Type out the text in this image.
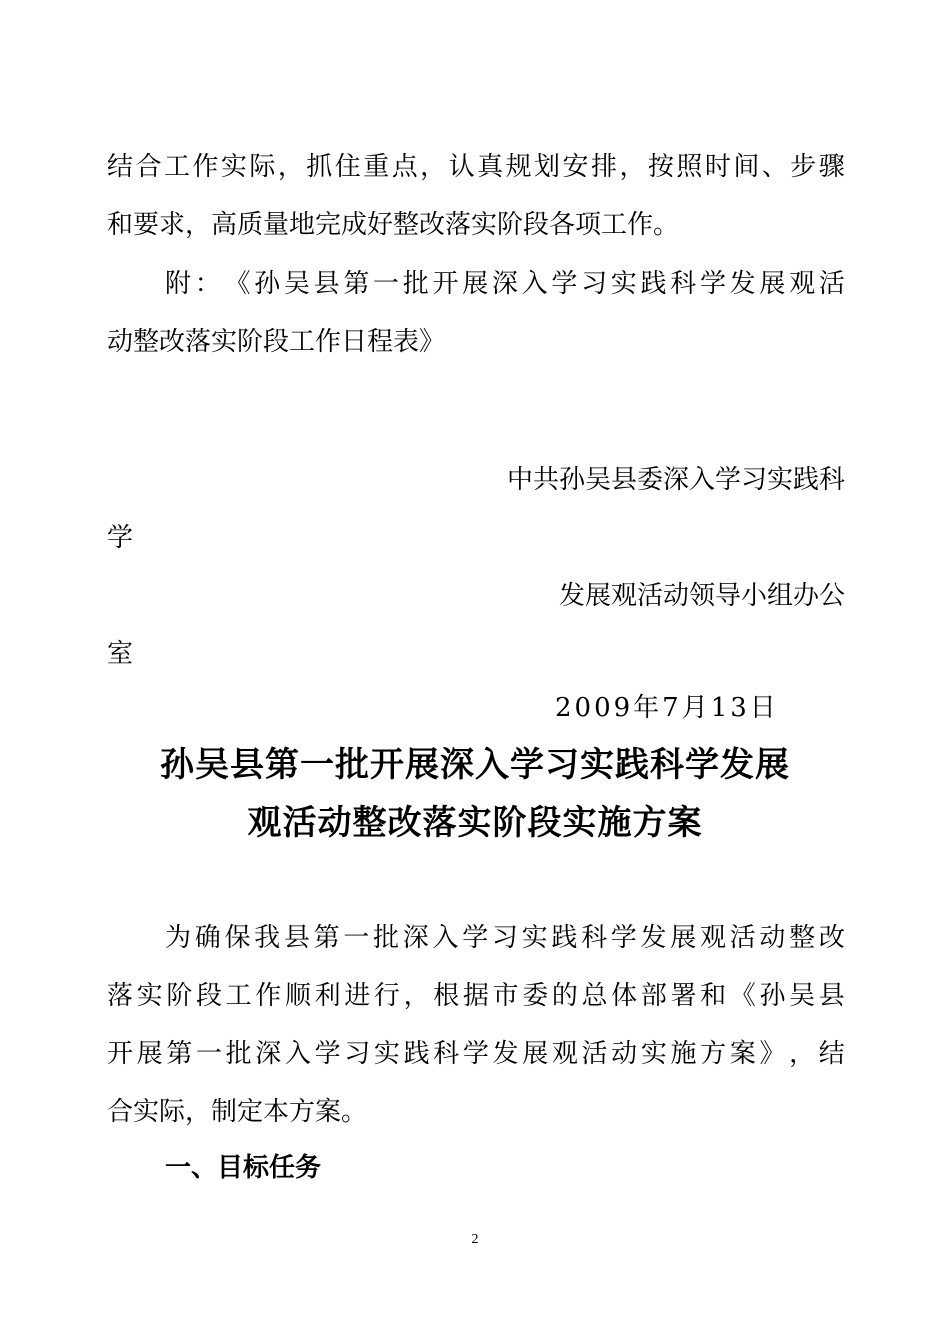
结 合 工 作 实 际 ， 抓 住 重 点 ， 认 真 规 划 安 排 ， 按 照 时 间 、 步 骤
和要求，高质量地完成好整改落实阶段各项工作。
附 ： 《 孙 吴 县 第 一 批 开 展 深 入 学 习 实 践 科 学 发 展 观 活
动整改落实阶段工作日程表》
中共孙吴县委深入学习实践科
学
发展观活动领导小组办公
室
2009年7月13日
孙吴县第一批开展深入学习实践科学发展
观活动整改落实阶段实施方案
为 确 保 我 县 第 一 批 深 入 学 习 实 践 科 学 发 展 观 活 动 整 改
落 实 阶 段 工 作 顺 利 进 行 ， 根 据 市 委 的 总 体 部 署 和 《 孙 吴 县
开 展 第 一 批 深 入 学 习 实 践 科 学 发 展 观 活 动 实 施 方 案 》 ， 结
合实际，制定本方案。
一、目标任务
2
